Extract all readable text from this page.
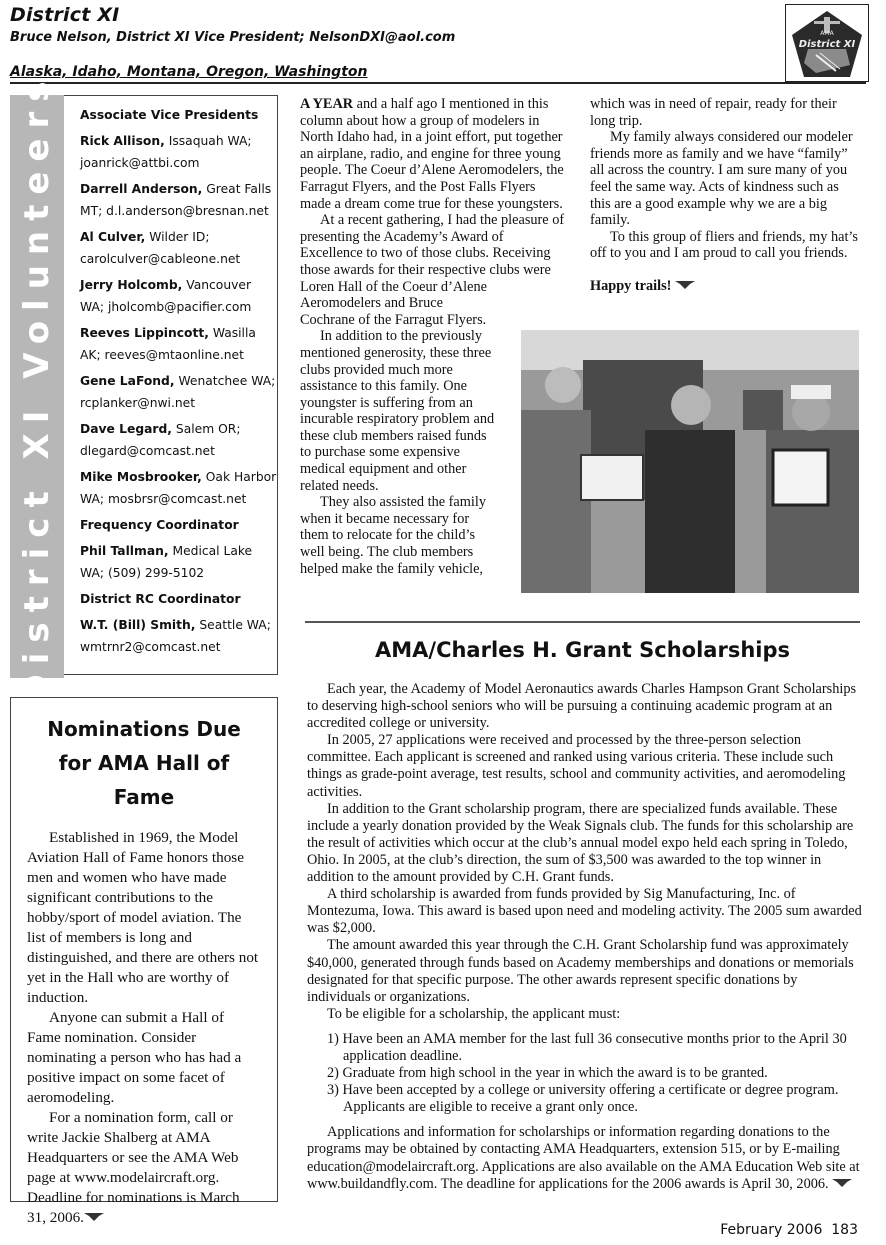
District XI
Bruce Nelson, District XI Vice President; NelsonDXI@aol.com
Alaska, Idaho, Montana, Oregon, Washington
AMA
District XI
District XI Volunteers Associate Vice Presidents
Rick Allison, Issaquah WA; joanrick@attbi.com
Darrell Anderson, Great Falls MT; d.l.anderson@bresnan.net
Al Culver, Wilder ID; carolculver@cableone.net
Jerry Holcomb, Vancouver WA; jholcomb@pacifier.com
Reeves Lippincott, Wasilla AK; reeves@mtaonline.net
Gene LaFond, Wenatchee WA; rcplanker@nwi.net
Dave Legard, Salem OR; dlegard@comcast.net
Mike Mosbrooker, Oak Harbor WA; mosbrsr@comcast.net
Frequency Coordinator
Phil Tallman, Medical Lake WA; (509) 299-5102
District RC Coordinator
W.T. (Bill) Smith, Seattle WA; wmtrnr2@comcast.net
Nominations Due for AMA Hall of Fame

Established in 1969, the Model Aviation Hall of Fame honors those men and women who have made significant contributions to the hobby/sport of model aviation. The list of members is long and distinguished, and there are others not yet in the Hall who are worthy of induction.

Anyone can submit a Hall of Fame nomination. Consider nominating a person who has had a positive impact on some facet of aeromodeling.

For a nomination form, call or write Jackie Shalberg at AMA Headquarters or see the AMA Web page at www.modelaircraft.org. Deadline for nominations is March 31, 2006.

A YEAR and a half ago I mentioned in this column about how a group of modelers in North Idaho had, in a joint effort, put together an airplane, radio, and engine for three young people. The Coeur d’Alene Aeromodelers, the Farragut Flyers, and the Post Falls Flyers made a dream come true for these youngsters.

At a recent gathering, I had the pleasure of presenting the Academy’s Award of Excellence to two of those clubs. Receiving those awards for their respective clubs were

Loren Hall of the Coeur d’Alene Aeromodelers and Bruce Cochrane of the Farragut Flyers.

In addition to the previously mentioned generosity, these three clubs provided much more assistance to this family. One youngster is suffering from an incurable respiratory problem and these club members raised funds to purchase some expensive medical equipment and other related needs.

They also assisted the family when it became necessary for them to relocate for the child’s well being. The club members helped make the family vehicle,

which was in need of repair, ready for their long trip.

My family always considered our modeler friends more as family and we have “family” all across the country. I am sure many of you feel the same way. Acts of kindness such as this are a good example why we are a big family.

To this group of fliers and friends, my hat’s off to you and I am proud to call you friends.

Happy trails!

AMA/Charles H. Grant Scholarships

Each year, the Academy of Model Aeronautics awards Charles Hampson Grant Scholarships to deserving high-school seniors who will be pursuing a continuing academic program at an accredited college or university.

In 2005, 27 applications were received and processed by the three-person selection committee. Each applicant is screened and ranked using various criteria. These include such things as grade-point average, test results, school and community activities, and aeromodeling activities.

In addition to the Grant scholarship program, there are specialized funds available. These include a yearly donation provided by the Weak Signals club. The funds for this scholarship are the result of activities which occur at the club’s annual model expo held each spring in Toledo, Ohio. In 2005, at the club’s direction, the sum of $3,500 was awarded to the top winner in addition to the amount provided by C.H. Grant funds.

A third scholarship is awarded from funds provided by Sig Manufacturing, Inc. of Montezuma, Iowa. This award is based upon need and modeling activity. The 2005 sum awarded was $2,000.

The amount awarded this year through the C.H. Grant Scholarship fund was approximately $40,000, generated through funds based on Academy memberships and donations or memorials designated for that specific purpose. The other awards represent specific donations by individuals or organizations.

To be eligible for a scholarship, the applicant must:

1) Have been an AMA member for the last full 36 consecutive months prior to the April 30 application deadline.
2) Graduate from high school in the year in which the award is to be granted.
3) Have been accepted by a college or university offering a certificate or degree program. Applicants are eligible to receive a grant only once.

Applications and information for scholarships or information regarding donations to the programs may be obtained by contacting AMA Headquarters, extension 515, or by E-mailing education@modelaircraft.org. Applications are also available on the AMA Education Web site at www.buildandfly.com. The deadline for applications for the 2006 awards is April 30, 2006.

February 2006 183
